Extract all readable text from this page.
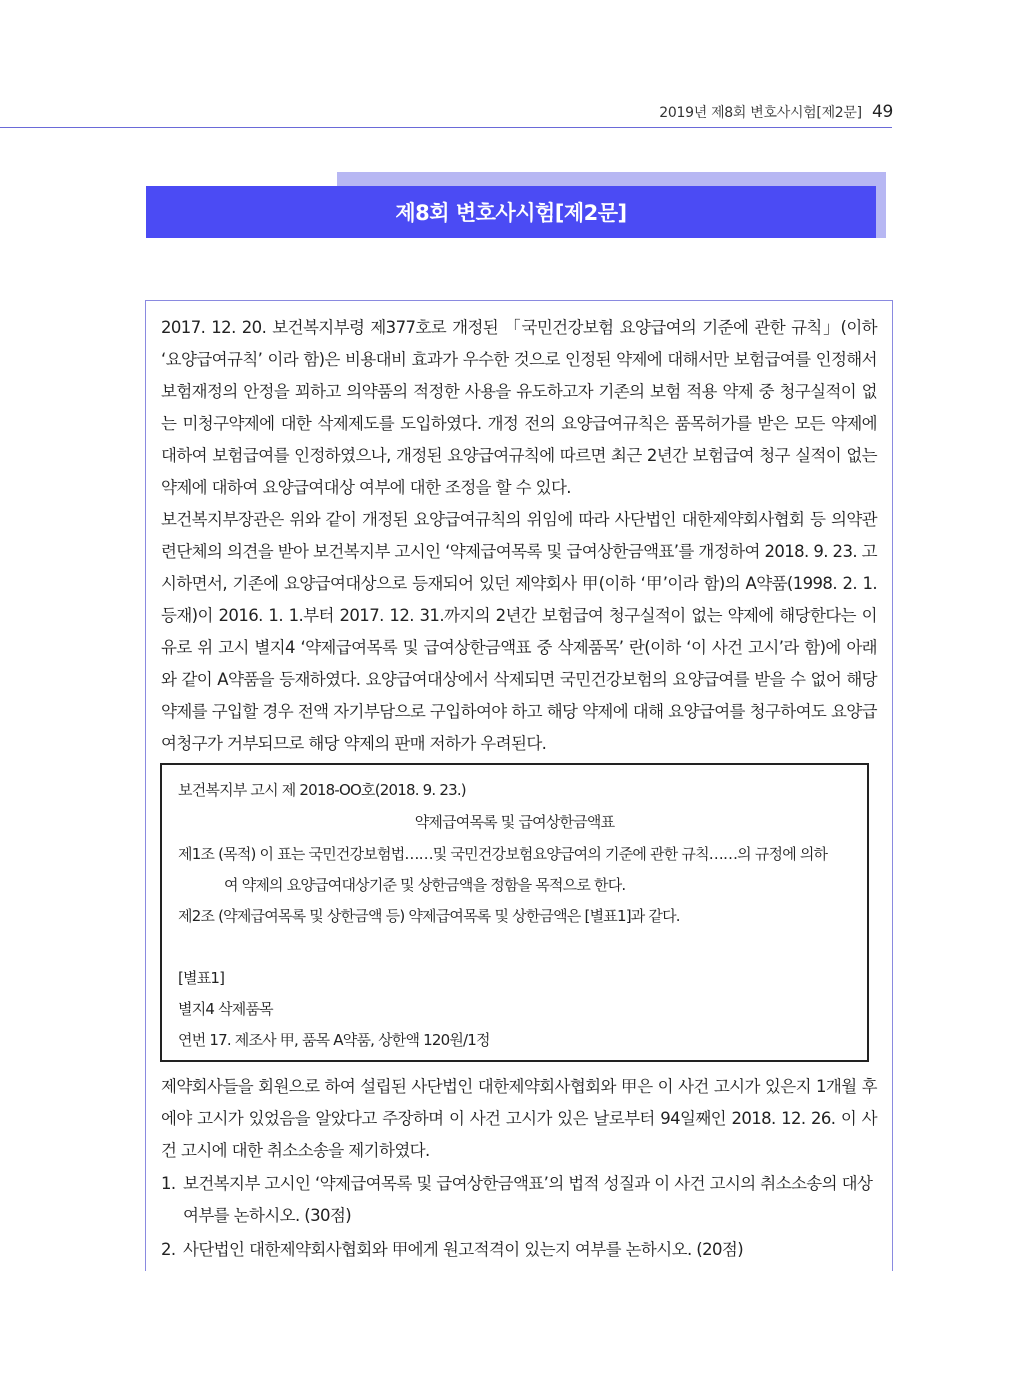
2019년 제8회 변호사시험[제2문] 49
제8회 변호사시험[제2문]

2017. 12. 20. 보건복지부령 제377호로 개정된 「국민건강보험 요양급여의 기준에 관한 규칙」(이하 ‘요양급여규칙’ 이라 함)은 비용대비 효과가 우수한 것으로 인정된 약제에 대해서만 보험급여를 인정해서 보험재정의 안정을 꾀하고 의약품의 적정한 사용을 유도하고자 기존의 보험 적용 약제 중 청구실적이 없는 미청구약제에 대한 삭제제도를 도입하였다. 개정 전의 요양급여규칙은 품목허가를 받은 모든 약제에 대하여 보험급여를 인정하였으나, 개정된 요양급여규칙에 따르면 최근 2년간 보험급여 청구 실적이 없는 약제에 대하여 요양급여대상 여부에 대한 조정을 할 수 있다.

보건복지부장관은 위와 같이 개정된 요양급여규칙의 위임에 따라 사단법인 대한제약회사협회 등 의약관련단체의 의견을 받아 보건복지부 고시인 ‘약제급여목록 및 급여상한금액표’를 개정하여 2018. 9. 23. 고시하면서, 기존에 요양급여대상으로 등재되어 있던 제약회사 甲(이하 ‘甲’이라 함)의 A약품(1998. 2. 1. 등재)이 2016. 1. 1.부터 2017. 12. 31.까지의 2년간 보험급여 청구실적이 없는 약제에 해당한다는 이유로 위 고시 별지4 ‘약제급여목록 및 급여상한금액표 중 삭제품목’ 란(이하 ‘이 사건 고시’라 함)에 아래와 같이 A약품을 등재하였다. 요양급여대상에서 삭제되면 국민건강보험의 요양급여를 받을 수 없어 해당 약제를 구입할 경우 전액 자기부담으로 구입하여야 하고 해당 약제에 대해 요양급여를 청구하여도 요양급여청구가 거부되므로 해당 약제의 판매 저하가 우려된다.

보건복지부 고시 제 2018-OO호(2018. 9. 23.)
약제급여목록 및 급여상한금액표
제1조 (목적) 이 표는 국민건강보험법……및 국민건강보험요양급여의 기준에 관한 규칙……의 규정에 의하
여 약제의 요양급여대상기준 및 상한금액을 정함을 목적으로 한다.
제2조 (약제급여목록 및 상한금액 등) 약제급여목록 및 상한금액은 [별표1]과 같다.
[별표1]
별지4 삭제품목
연번 17. 제조사 甲, 품목 A약품, 상한액 120원/1정

제약회사들을 회원으로 하여 설립된 사단법인 대한제약회사협회와 甲은 이 사건 고시가 있은지 1개월 후에야 고시가 있었음을 알았다고 주장하며 이 사건 고시가 있은 날로부터 94일째인 2018. 12. 26. 이 사건 고시에 대한 취소소송을 제기하였다.

1. 보건복지부 고시인 ‘약제급여목록 및 급여상한금액표’의 법적 성질과 이 사건 고시의 취소소송의 대상 여부를 논하시오. (30점)
2. 사단법인 대한제약회사협회와 甲에게 원고적격이 있는지 여부를 논하시오. (20점)
